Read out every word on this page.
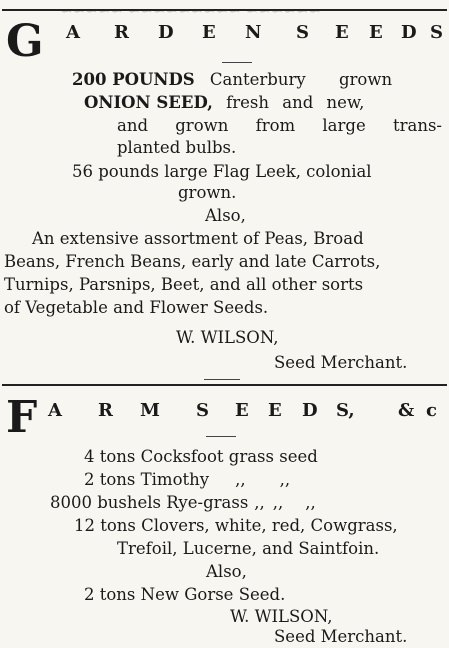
~~~~~~ ~~~~~~~~~ ~~~~~
G A R D E N S E E D S
200 POUNDS Canterbury grown
ONION SEED, fresh and new,
and grown from large trans-
planted bulbs.
56 pounds large Flag Leek, colonial
grown.
Also,
An extensive assortment of Peas, Broad
Beans, French Beans, early and late Carrots,
Turnips, Parsnips, Beet, and all other sorts
of Vegetable and Flower Seeds.
W. WILSON,
Seed Merchant.
F A R M S E E D S, & c
4 tons Cocksfoot grass seed
2 tons Timothy ,, ,,
8000 bushels Rye-grass ,, ,, ,,
12 tons Clovers, white, red, Cowgrass,
Trefoil, Lucerne, and Saintfoin.
Also,
2 tons New Gorse Seed.
W. WILSON,
Seed Merchant.
